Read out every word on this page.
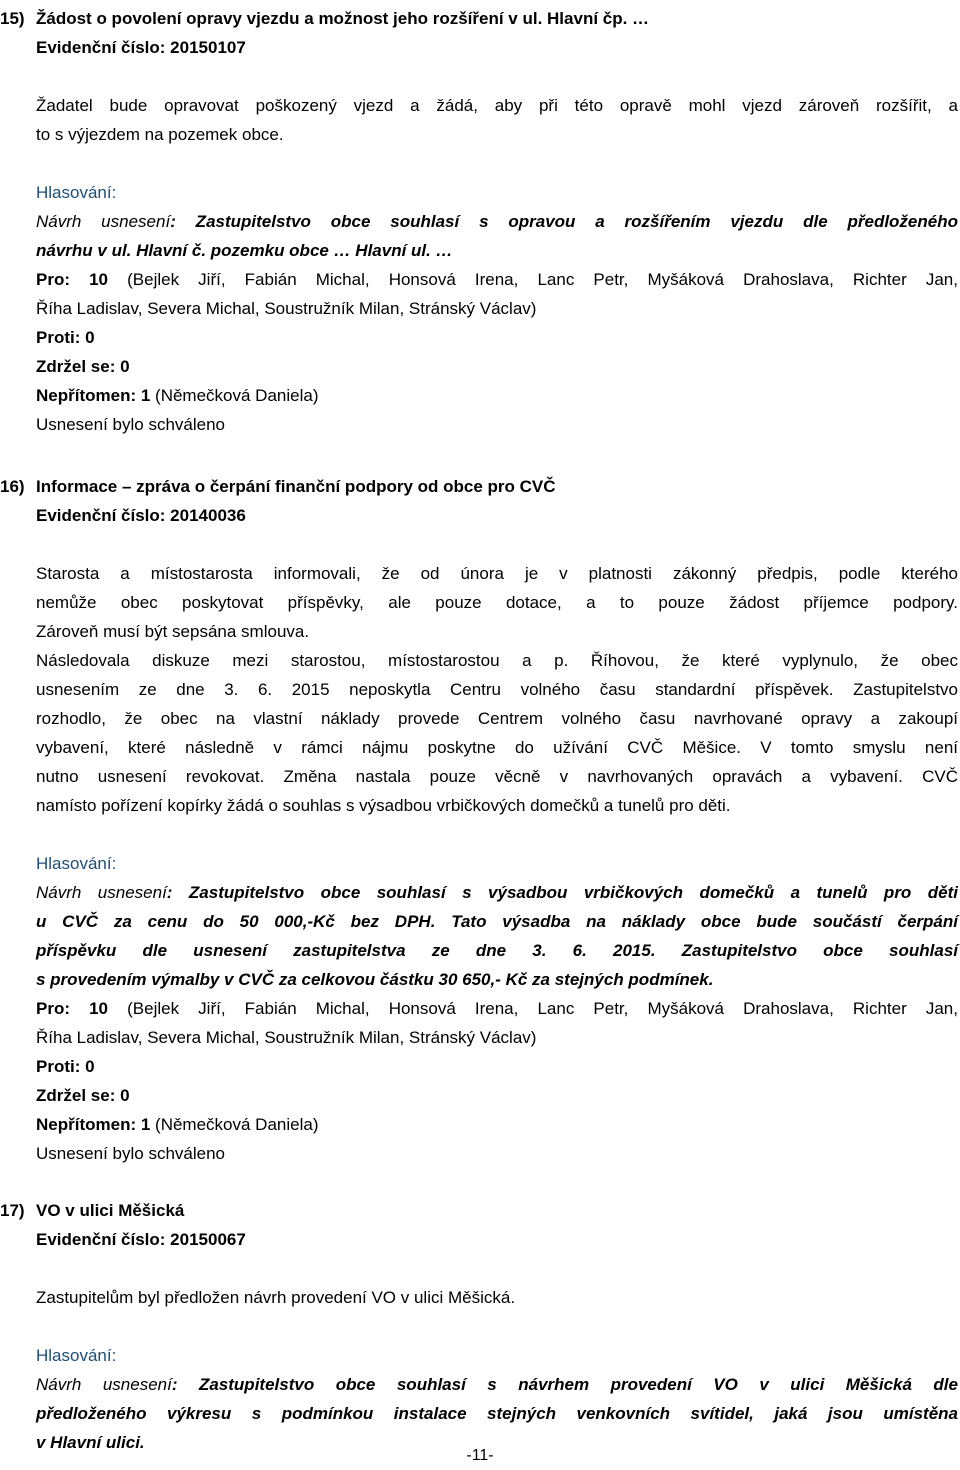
15) Žádost o povolení opravy vjezdu a možnost jeho rozšíření v ul. Hlavní čp. …
Evidenční číslo: 20150107
Žadatel bude opravovat poškozený vjezd a žádá, aby při této opravě mohl vjezd zároveň rozšířit, a
to s výjezdem na pozemek obce.
Hlasování:
Návrh usnesení: Zastupitelstvo obce souhlasí s opravou a rozšířením vjezdu dle předloženého
návrhu v ul. Hlavní č. pozemku obce … Hlavní ul. …
Pro: 10 (Bejlek Jiří, Fabián Michal, Honsová Irena, Lanc Petr, Myšáková Drahoslava, Richter Jan,
Říha Ladislav, Severa Michal, Soustružník Milan, Stránský Václav)
Proti: 0
Zdržel se: 0
Nepřítomen: 1 (Němečková Daniela)
Usnesení bylo schváleno
16) Informace – zpráva o čerpání finanční podpory od obce pro CVČ
Evidenční číslo: 20140036
Starosta a místostarosta informovali, že od února je v platnosti zákonný předpis, podle kterého
nemůže obec poskytovat příspěvky, ale pouze dotace, a to pouze žádost příjemce podpory.
Zároveň musí být sepsána smlouva.
Následovala diskuze mezi starostou, místostarostou a p. Říhovou, že které vyplynulo, že obec
usnesením ze dne 3. 6. 2015 neposkytla Centru volného času standardní příspěvek. Zastupitelstvo
rozhodlo, že obec na vlastní náklady provede Centrem volného času navrhované opravy a zakoupí
vybavení, které následně v rámci nájmu poskytne do užívání CVČ Měšice. V tomto smyslu není
nutno usnesení revokovat. Změna nastala pouze věcně v navrhovaných opravách a vybavení. CVČ
namísto pořízení kopírky žádá o souhlas s výsadbou vrbičkových domečků a tunelů pro děti.
Hlasování:
Návrh usnesení: Zastupitelstvo obce souhlasí s výsadbou vrbičkových domečků a tunelů pro děti
u CVČ za cenu do 50 000,-Kč bez DPH. Tato výsadba na náklady obce bude součástí čerpání
příspěvku dle usnesení zastupitelstva ze dne 3. 6. 2015. Zastupitelstvo obce souhlasí
s provedením výmalby v CVČ za celkovou částku 30 650,- Kč za stejných podmínek.
Pro: 10 (Bejlek Jiří, Fabián Michal, Honsová Irena, Lanc Petr, Myšáková Drahoslava, Richter Jan,
Říha Ladislav, Severa Michal, Soustružník Milan, Stránský Václav)
Proti: 0
Zdržel se: 0
Nepřítomen: 1 (Němečková Daniela)
Usnesení bylo schváleno
17) VO v ulici Měšická
Evidenční číslo: 20150067
Zastupitelům byl předložen návrh provedení VO v ulici Měšická.
Hlasování:
Návrh usnesení: Zastupitelstvo obce souhlasí s návrhem provedení VO v ulici Měšická dle
předloženého výkresu s podmínkou instalace stejných venkovních svítidel, jaká jsou umístěna
v Hlavní ulici.
-11-
